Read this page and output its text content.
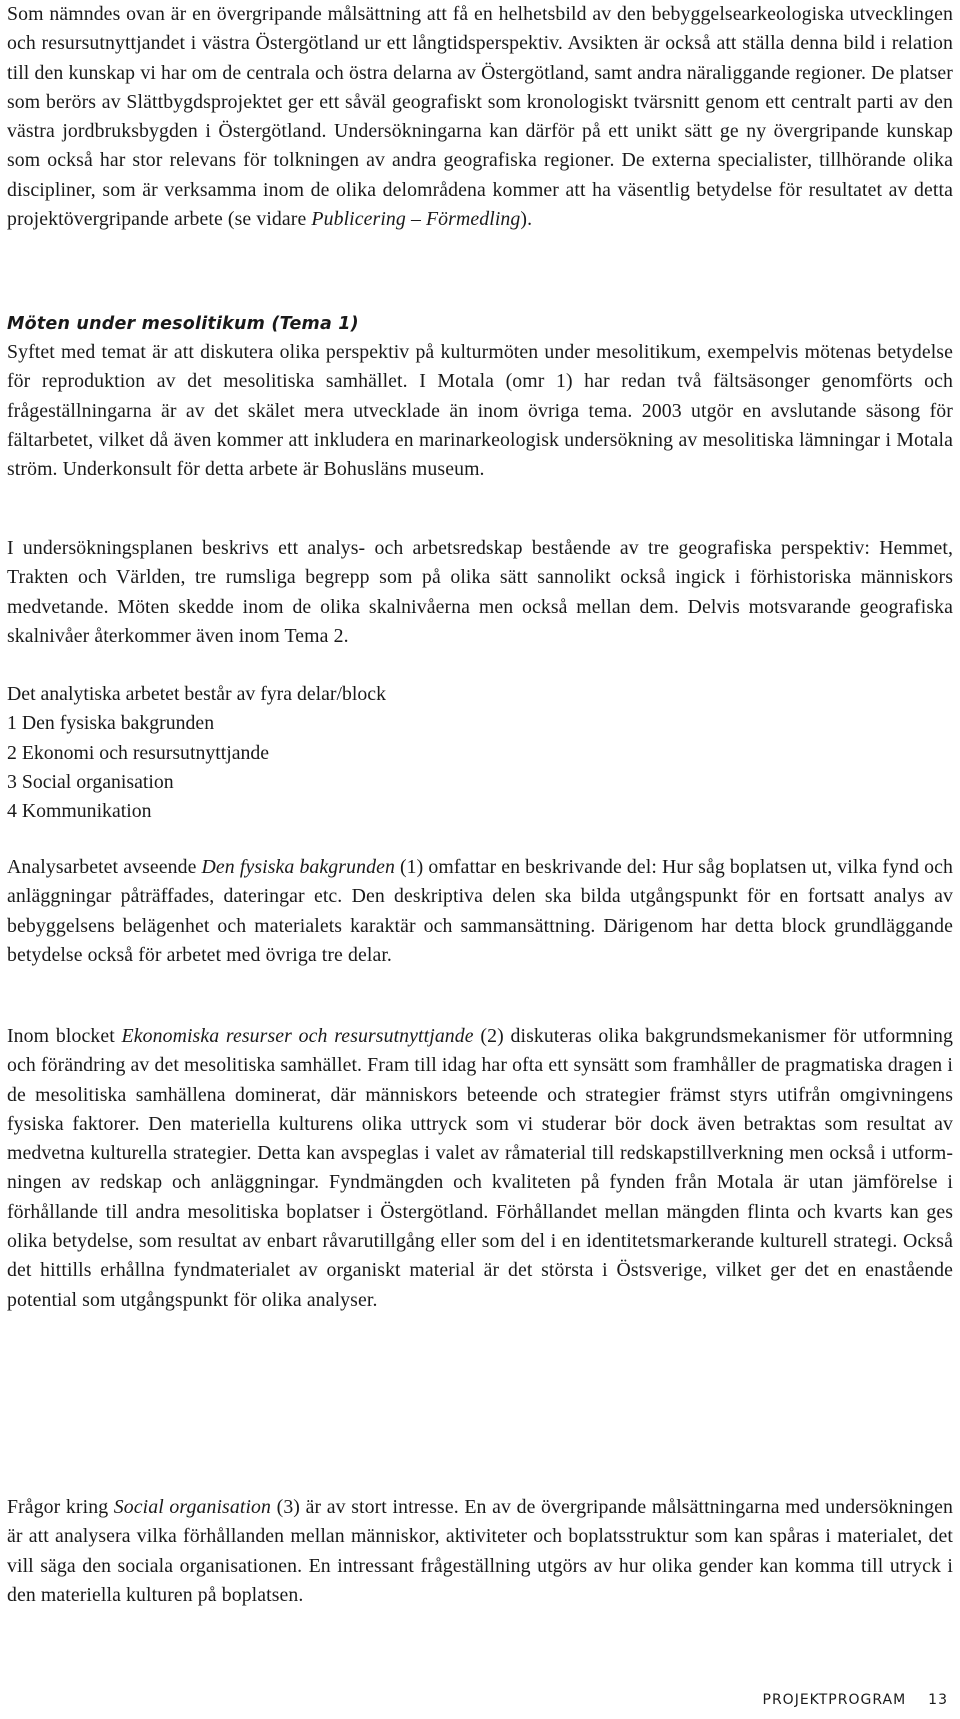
Som nämndes ovan är en övergripande målsättning att få en helhetsbild av den bebyggelsearkeologiska utvecklingen och resursutnyttjandet i västra Östergötland ur ett långtidsperspektiv. Avsikten är också att ställa denna bild i relation till den kunskap vi har om de centrala och östra delarna av Östergötland, samt andra näraliggande regioner. De platser som berörs av Slättbygdsprojektet ger ett såväl geografiskt som kronologiskt tvärsnitt genom ett centralt parti av den västra jordbruksbygden i Östergötland. Undersökningarna kan därför på ett unikt sätt ge ny övergripande kunskap som också har stor relevans för tolkningen av andra geografiska regioner. De externa specialister, tillhörande olika discipliner, som är verksamma inom de olika delområdena kommer att ha väsentlig betydelse för resultatet av detta projektövergripande arbete (se vidare Publicering – Förmedling).

Möten under mesolitikum (Tema 1)

Syftet med temat är att diskutera olika perspektiv på kulturmöten under mesolitikum, exempelvis mötenas betydelse för reproduktion av det mesolitiska samhället. I Motala (omr 1) har redan två fältsäsonger genomförts och frågeställningarna är av det skälet mera utvecklade än inom övriga tema. 2003 utgör en avslutande säsong för fältarbetet, vilket då även kommer att inkludera en marinarkeologisk undersökning av mesolitiska lämningar i Motala ström. Underkonsult för detta arbete är Bohusläns museum.

I undersökningsplanen beskrivs ett analys- och arbetsredskap bestående av tre geografiska perspektiv: Hemmet, Trakten och Världen, tre rumsliga begrepp som på olika sätt sannolikt också ingick i förhistoriska människors medvetande. Möten skedde inom de olika skalnivåerna men också mellan dem. Delvis motsvarande geografiska skalnivåer återkommer även inom Tema 2.

Det analytiska arbetet består av fyra delar/block
1 Den fysiska bakgrunden
2 Ekonomi och resursutnyttjande
3 Social organisation
4 Kommunikation

Analysarbetet avseende Den fysiska bakgrunden (1) omfattar en beskrivande del: Hur såg boplatsen ut, vilka fynd och anläggningar påträffades, dateringar etc. Den deskriptiva delen ska bilda utgångspunkt för en fortsatt analys av bebyggelsens belägenhet och materialets karaktär och sammansättning. Därigenom har detta block grundläggande betydelse också för arbetet med övriga tre delar.

Inom blocket Ekonomiska resurser och resursutnyttjande (2) diskuteras olika bakgrundsmekanismer för utformning och förändring av det mesolitiska samhället. Fram till idag har ofta ett synsätt som framhåller de pragmatiska dragen i de mesolitiska samhällena dominerat, där människors beteende och strategier främst styrs utifrån omgivningens fysiska faktorer. Den materiella kulturens olika uttryck som vi studerar bör dock även betraktas som resultat av medvetna kulturella strategier. Detta kan avspeglas i valet av råmaterial till redskapstillverkning men också i utformningen av redskap och anläggningar. Fyndmängden och kvaliteten på fynden från Motala är utan jämförelse i förhållande till andra mesolitiska boplatser i Östergötland. Förhållandet mellan mängden flinta och kvarts kan ges olika betydelse, som resultat av enbart råvarutillgång eller som del i en identitetsmarkerande kulturell strategi. Också det hittills erhållna fyndmaterialet av organiskt material är det största i Östsverige, vilket ger det en enastående potential som utgångspunkt för olika analyser.

Frågor kring Social organisation (3) är av stort intresse. En av de övergripande målsättningarna med undersökningen är att analysera vilka förhållanden mellan människor, aktiviteter och boplatsstruktur som kan spåras i materialet, det vill säga den sociala organisationen. En intressant frågeställning utgörs av hur olika gender kan komma till utryck i den materiella kulturen på boplatsen.

PROJEKTPROGRAM 13
